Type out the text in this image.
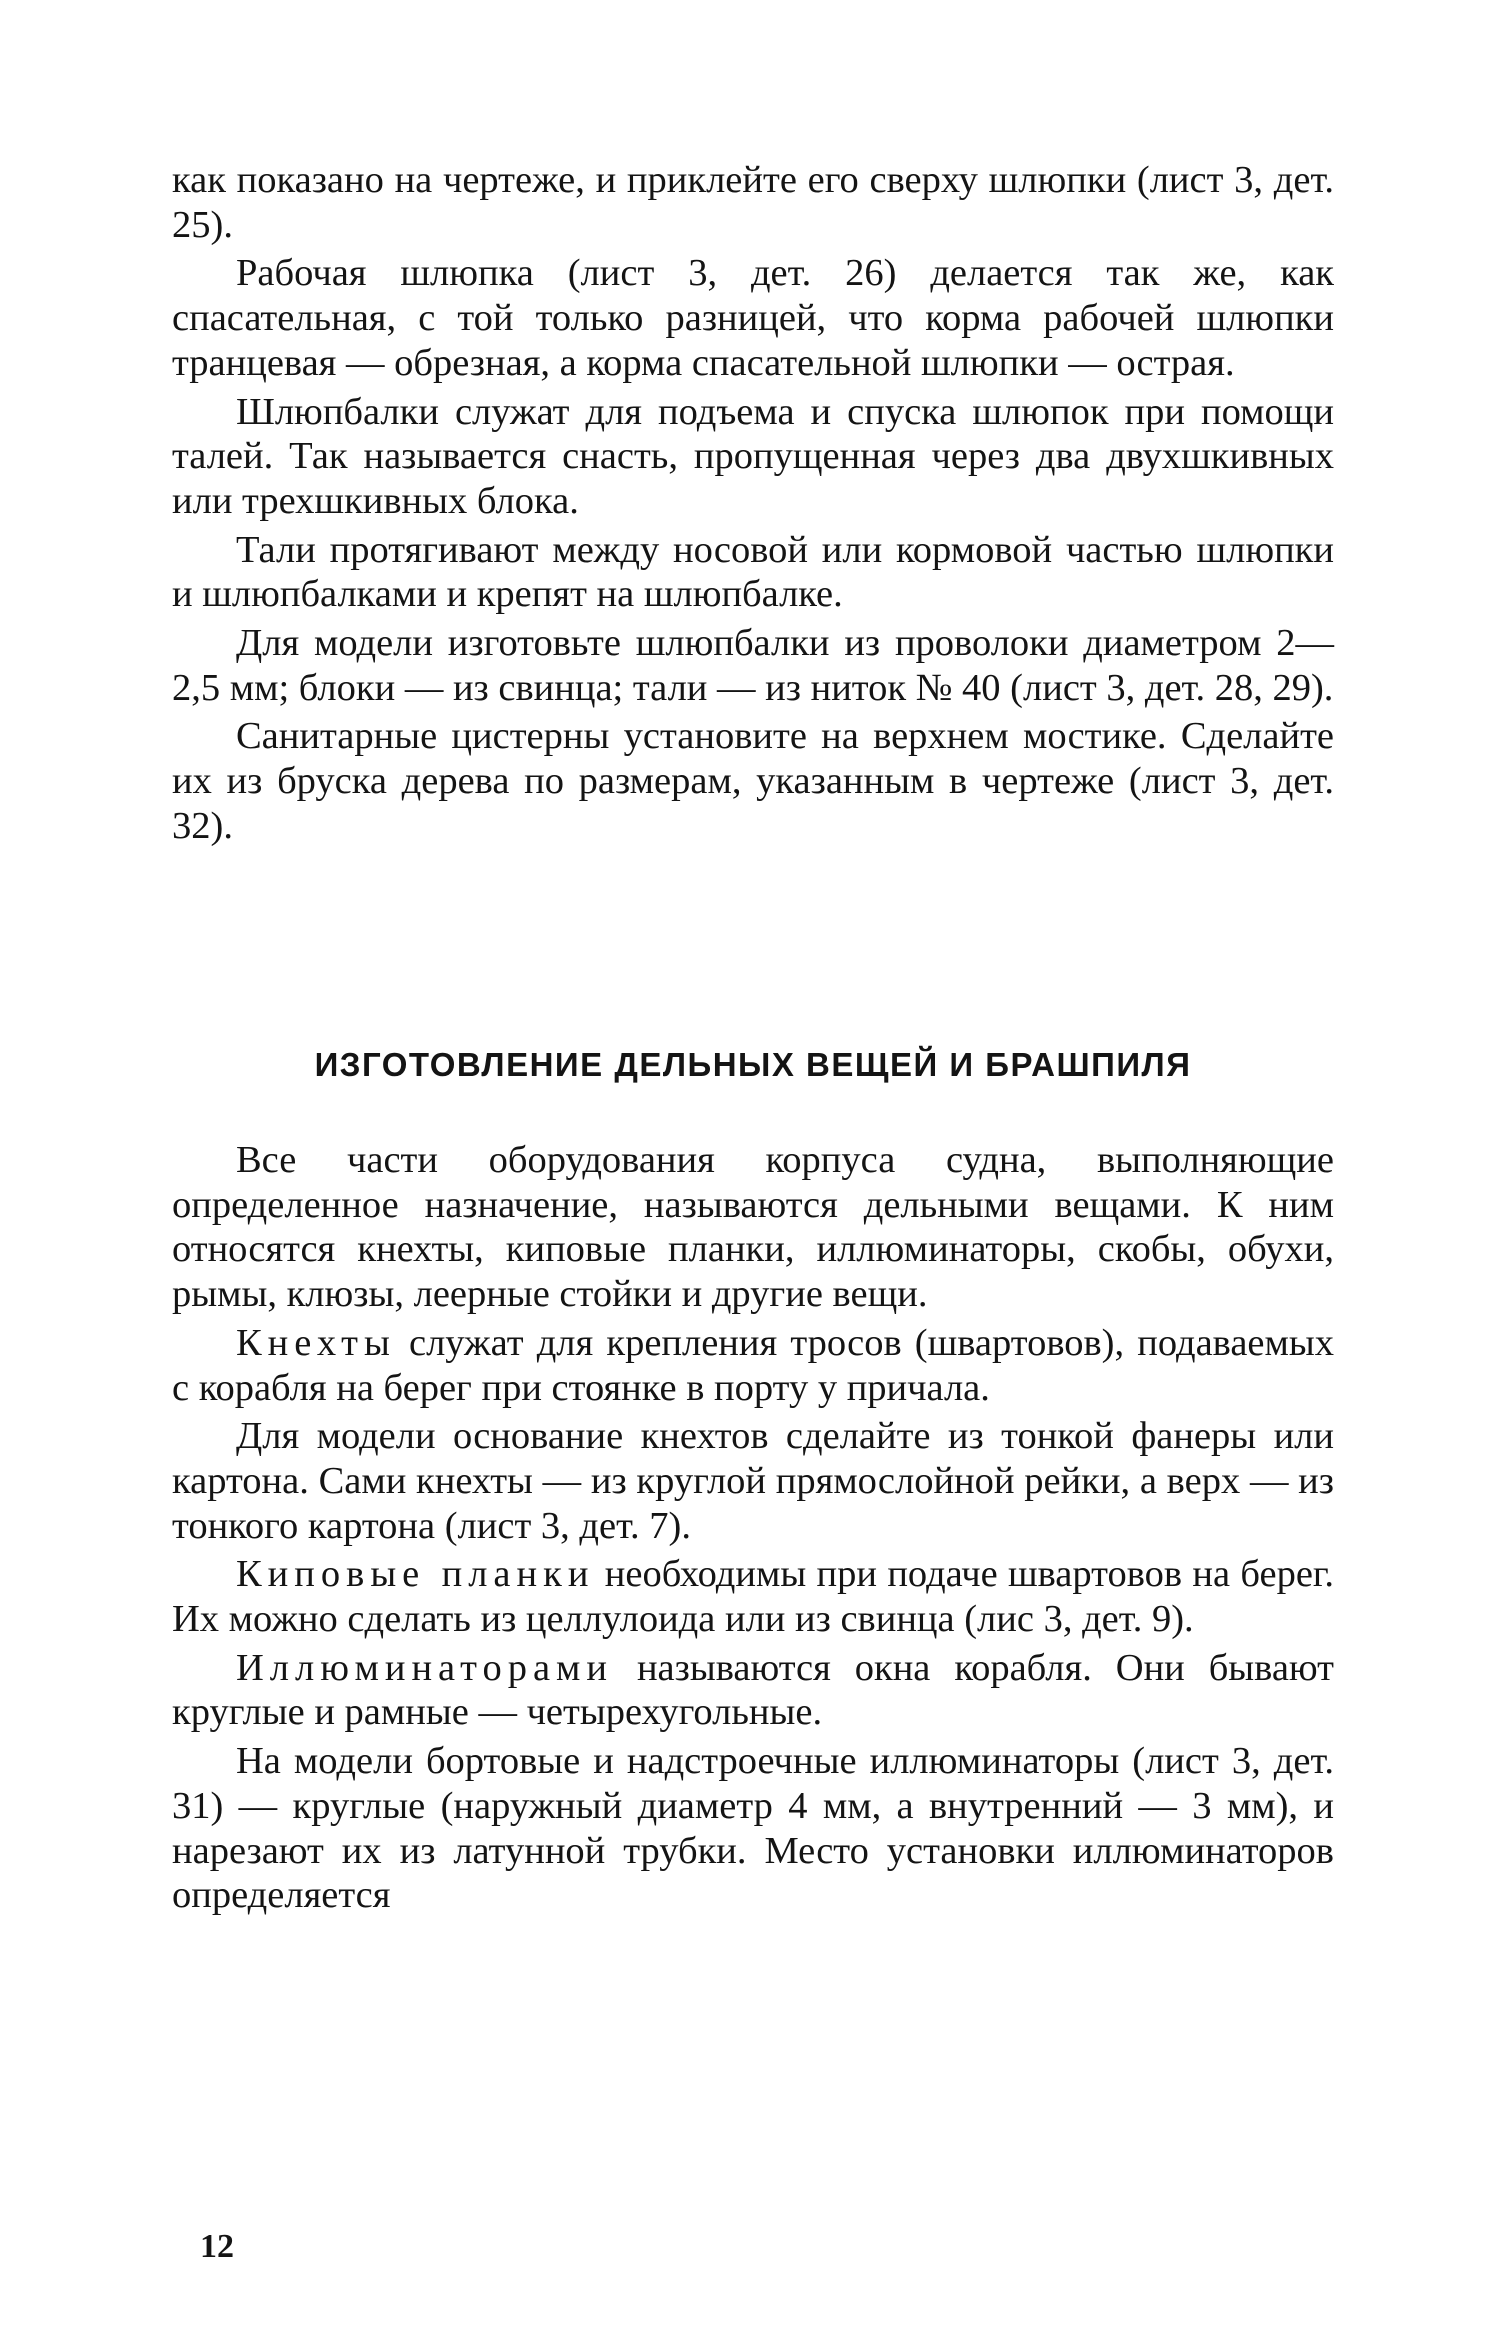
как показано на чертеже, и приклейте его сверху шлюпки (лист 3, дет. 25).

Рабочая шлюпка (лист 3, дет. 26) делается так же, как спасательная, с той только разницей, что корма рабочей шлюпки транцевая — обрезная, а корма спасательной шлюпки — острая.

Шлюпбалки служат для подъема и спуска шлюпок при помощи талей. Так называется снасть, пропущенная через два двухшкивных или трехшкивных блока.

Тали протягивают между носовой или кормовой частью шлюпки и шлюпбалками и крепят на шлюпбалке.

Для модели изготовьте шлюпбалки из проволоки диаметром 2—2,5 мм; блоки — из свинца; тали — из ниток № 40 (лист 3, дет. 28, 29).

Санитарные цистерны установите на верхнем мостике. Сделайте их из бруска дерева по размерам, указанным в чертеже (лист 3, дет. 32).

ИЗГОТОВЛЕНИЕ ДЕЛЬНЫХ ВЕЩЕЙ И БРАШПИЛЯ

Все части оборудования корпуса судна, выполняющие определенное назначение, называются дельными вещами. К ним относятся кнехты, киповые планки, иллюминаторы, скобы, обухи, рымы, клюзы, леерные стойки и другие вещи.

Кнехты служат для крепления тросов (швартовов), подаваемых с корабля на берег при стоянке в порту у причала.

Для модели основание кнехтов сделайте из тонкой фанеры или картона. Сами кнехты — из круглой прямослойной рейки, а верх — из тонкого картона (лист 3, дет. 7).

Киповые планки необходимы при подаче швартовов на берег. Их можно сделать из целлулоида или из свинца (лис 3, дет. 9).

Иллюминаторами называются окна корабля. Они бывают круглые и рамные — четырехугольные.

На модели бортовые и надстроечные иллюминаторы (лист 3, дет. 31) — круглые (наружный диаметр 4 мм, а внутренний — 3 мм), и нарезают их из латунной трубки. Место установки иллюминаторов определяется

12
